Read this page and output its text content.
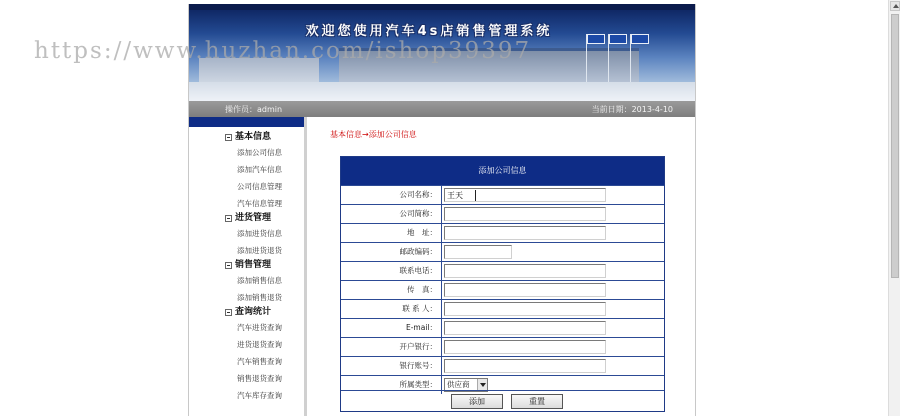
欢迎您使用汽车4s店销售管理系统
操作员：admin	当前日期：2013-4-10
基本信息
添加公司信息
添加汽车信息
公司信息管理
汽车信息管理
进货管理
添加进货信息
添加进货退货
销售管理
添加销售信息
添加销售退货
查询统计
汽车进货查询
进货退货查询
汽车销售查询
销售退货查询
汽车库存查询
基本信息→添加公司信息
添加公司信息
公司名称：
王天
公司简称：
地　址：
邮政编码：
联系电话：
传　真：
联 系 人：
E-mail：
开户银行：
银行账号：
所属类型：	供应商
添加	重置
https://www.huzhan.com/ishop39397
